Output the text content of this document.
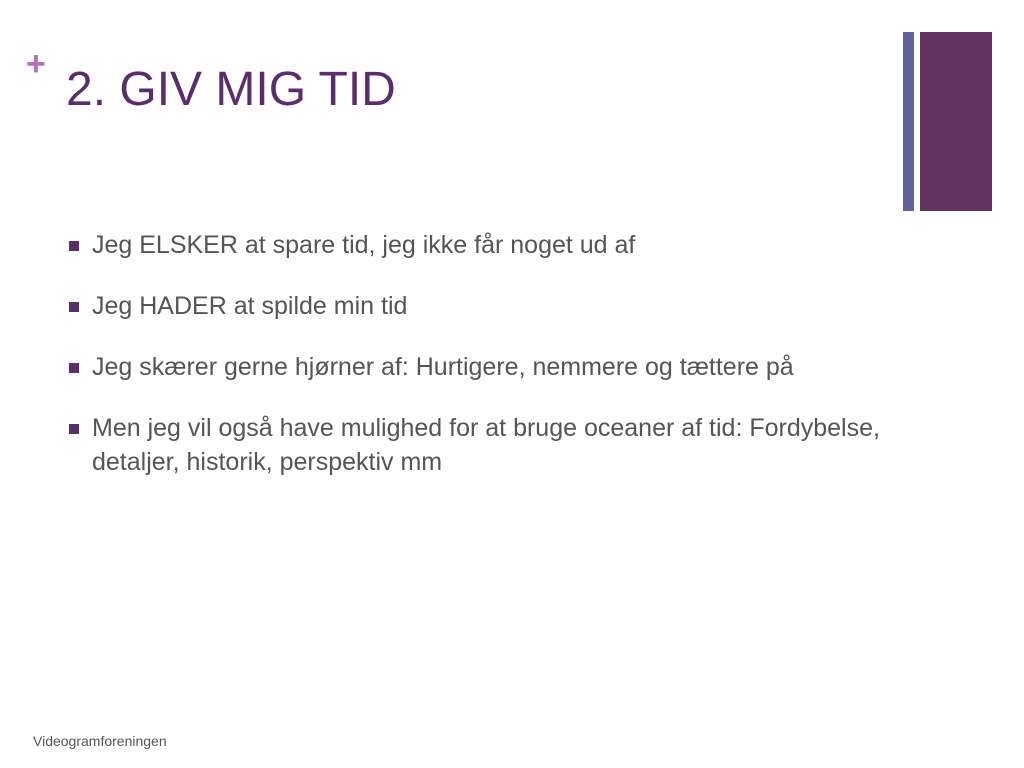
+ 2. GIV MIG TID
Jeg ELSKER at spare tid, jeg ikke får noget ud af
Jeg HADER at spilde min tid
Jeg skærer gerne hjørner af: Hurtigere, nemmere og tættere på
Men jeg vil også have mulighed for at bruge oceaner af tid: Fordybelse, detaljer, historik, perspektiv mm
Videogramforeningen
